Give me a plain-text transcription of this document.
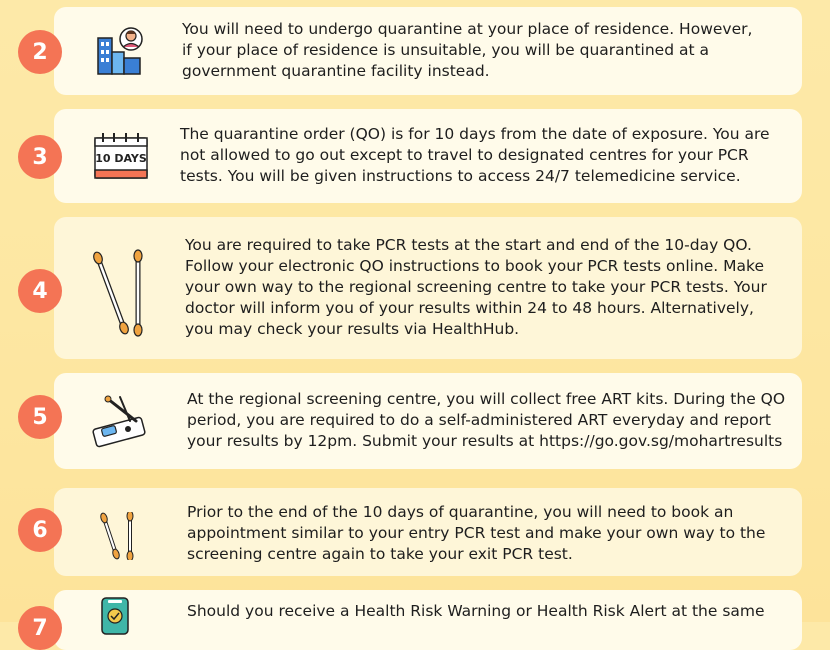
2

You will need to undergo quarantine at your place of residence. However, if your place of residence is unsuitable, you will be quarantined at a government quarantine facility instead.

3	10 DAYS

The quarantine order (QO) is for 10 days from the date of exposure. You are not allowed to go out except to travel to designated centres for your PCR tests. You will be given instructions to access 24/7 telemedicine service.

4

You are required to take PCR tests at the start and end of the 10-day QO. Follow your electronic QO instructions to book your PCR tests online. Make your own way to the regional screening centre to take your PCR tests. Your doctor will inform you of your results within 24 to 48 hours. Alternatively, you may check your results via HealthHub.

5

At the regional screening centre, you will collect free ART kits. During the QO period, you are required to do a self-administered ART everyday and report your results by 12pm. Submit your results at https://go.gov.sg/mohartresults

6

Prior to the end of the 10 days of quarantine, you will need to book an appointment similar to your entry PCR test and make your own way to the screening centre again to take your exit PCR test.

7

Should you receive a Health Risk Warning or Health Risk Alert at the same
